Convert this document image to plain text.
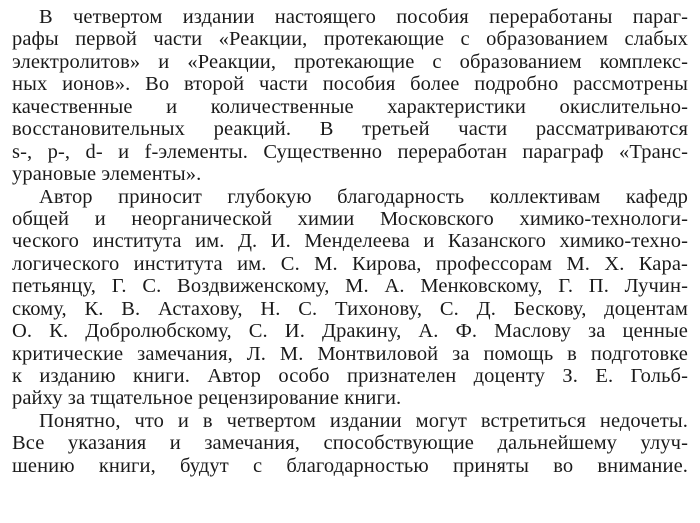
В четвертом издании настоящего пособия переработаны параг-
рафы первой части «Реакции, протекающие с образованием слабых
электролитов» и «Реакции, протекающие с образованием комплекс-
ных ионов». Во второй части пособия более подробно рассмотрены
качественные и количественные характеристики окислительно-
восстановительных реакций. В третьей части рассматриваются
s-, p-, d- и f-элементы. Существенно переработан параграф «Транс-
урановые элементы».
Автор приносит глубокую благодарность коллективам кафедр
общей и неорганической химии Московского химико-технологи-
ческого института им. Д. И. Менделеева и Казанского химико-техно-
логического института им. С. М. Кирова, профессорам М. Х. Кара-
петьянцу, Г. С. Воздвиженскому, М. А. Менковскому, Г. П. Лучин-
скому, К. В. Астахову, Н. С. Тихонову, С. Д. Бескову, доцентам
О. К. Добролюбскому, С. И. Дракину, А. Ф. Маслову за ценные
критические замечания, Л. М. Монтвиловой за помощь в подготовке
к изданию книги. Автор особо признателен доценту З. Е. Гольб-
райху за тщательное рецензирование книги.
Понятно, что и в четвертом издании могут встретиться недочеты.
Все указания и замечания, способствующие дальнейшему улуч-
шению книги, будут с благодарностью приняты во внимание.
